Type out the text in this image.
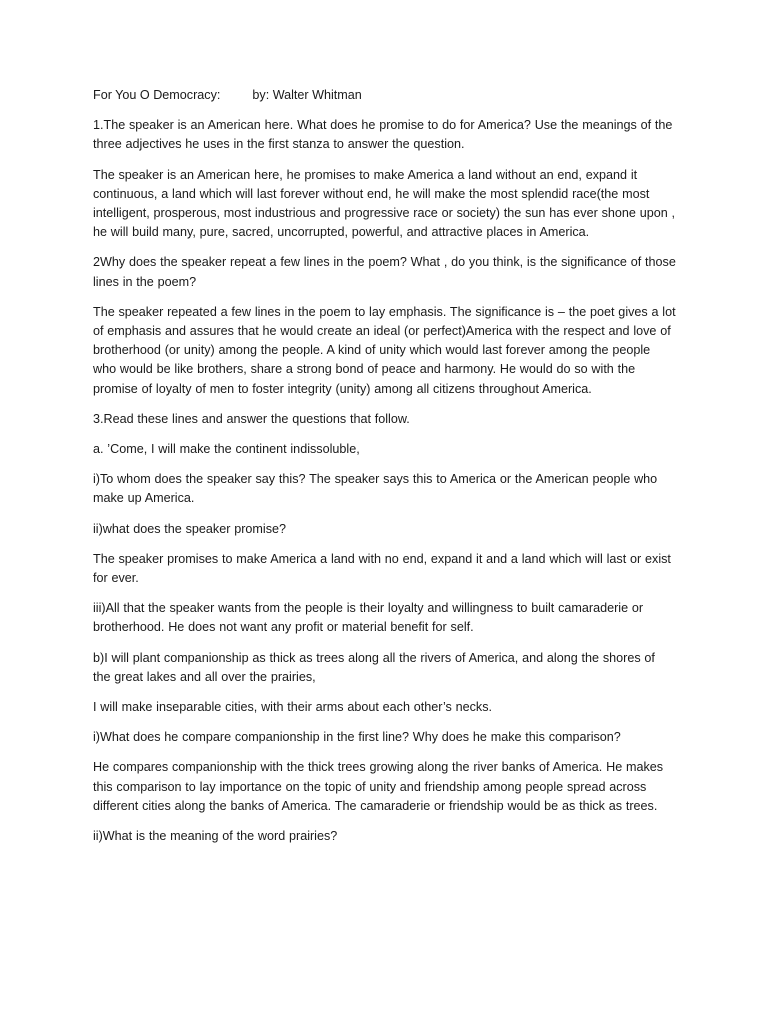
For You O Democracy:	by: Walter Whitman

1.The speaker is an American here. What does he promise to do for America? Use the meanings of the three adjectives he uses in the first stanza to answer the question.

The speaker is an American here, he promises to make America a land without an end, expand it continuous, a land which will last forever without end, he will make the most splendid race(the most intelligent, prosperous, most industrious and progressive race or society) the sun has ever shone upon , he will build many, pure, sacred, uncorrupted, powerful, and attractive places in America.

2Why does the speaker repeat a few lines in the poem? What , do you think, is the significance of those lines in the poem?

The speaker repeated a few lines in the poem to lay emphasis. The significance is – the poet gives a lot of emphasis and assures that he would create an ideal (or perfect)America with the respect and love of brotherhood (or unity) among the people. A kind of unity which would last forever among the people who would be like brothers, share a strong bond of peace and harmony. He would do so with the promise of loyalty of men to foster integrity (unity) among all citizens throughout America.

3.Read these lines and answer the questions that follow.

a. ’Come, I will make the continent indissoluble,

i)To whom does the speaker say this? The speaker says this to America or the American people who make up America.

ii)what does the speaker promise?

The speaker promises to make America a land with no end, expand it and a land which will last or exist for ever.

iii)All that the speaker wants from the people is their loyalty and willingness to built camaraderie or brotherhood. He does not want any profit or material benefit for self.

b)I will plant companionship as thick as trees along all the rivers of America, and along the shores of the great lakes and all over the prairies,

I will make inseparable cities, with their arms about each other’s necks.

i)What does he compare companionship in the first line? Why does he make this comparison?

He compares companionship with the thick trees growing along the river banks of America. He makes this comparison to lay importance on the topic of unity and friendship among people spread across different cities along the banks of America. The camaraderie or friendship would be as thick as trees.

ii)What is the meaning of the word prairies?
